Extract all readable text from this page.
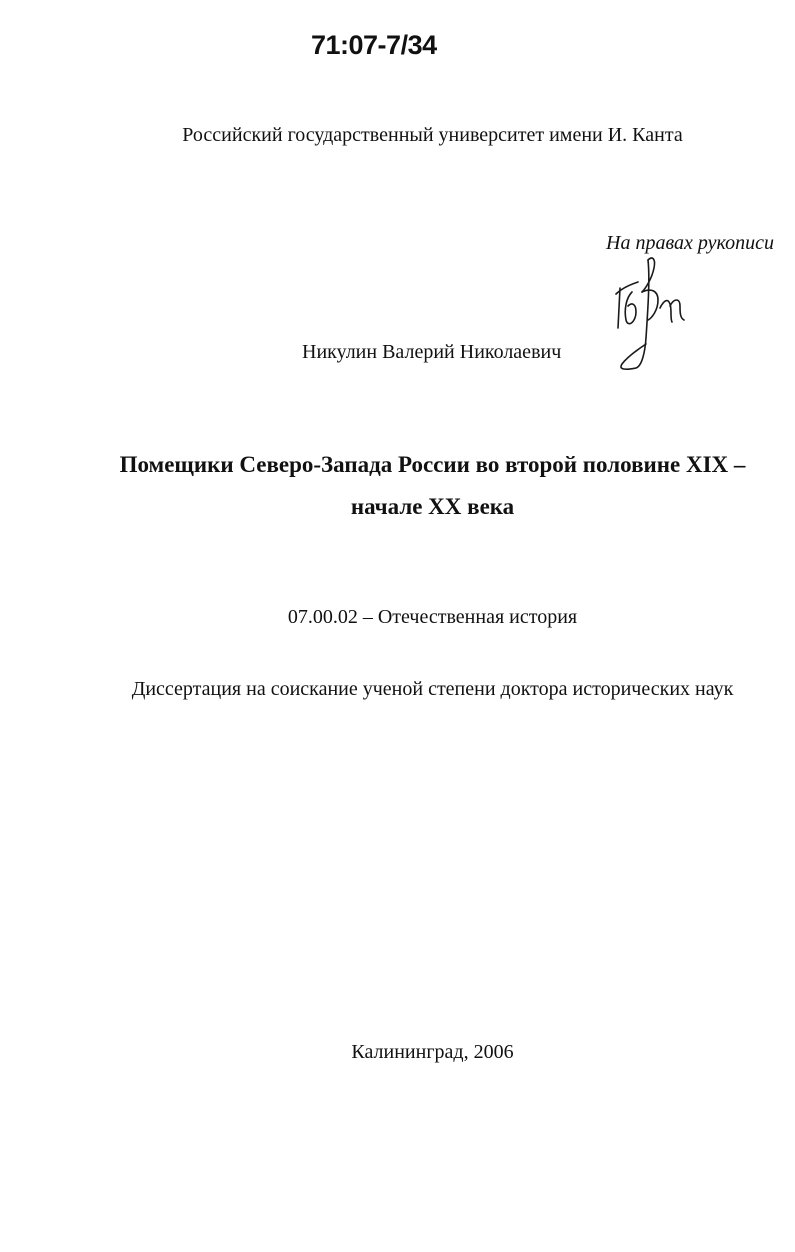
71:07-7/34
Российский государственный университет имени И. Канта
На правах рукописи
Никулин Валерий Николаевич
Помещики Северо-Запада России во второй половине XIX –
начале XX века
07.00.02 – Отечественная история
Диссертация на соискание ученой степени доктора исторических наук
Калининград, 2006
